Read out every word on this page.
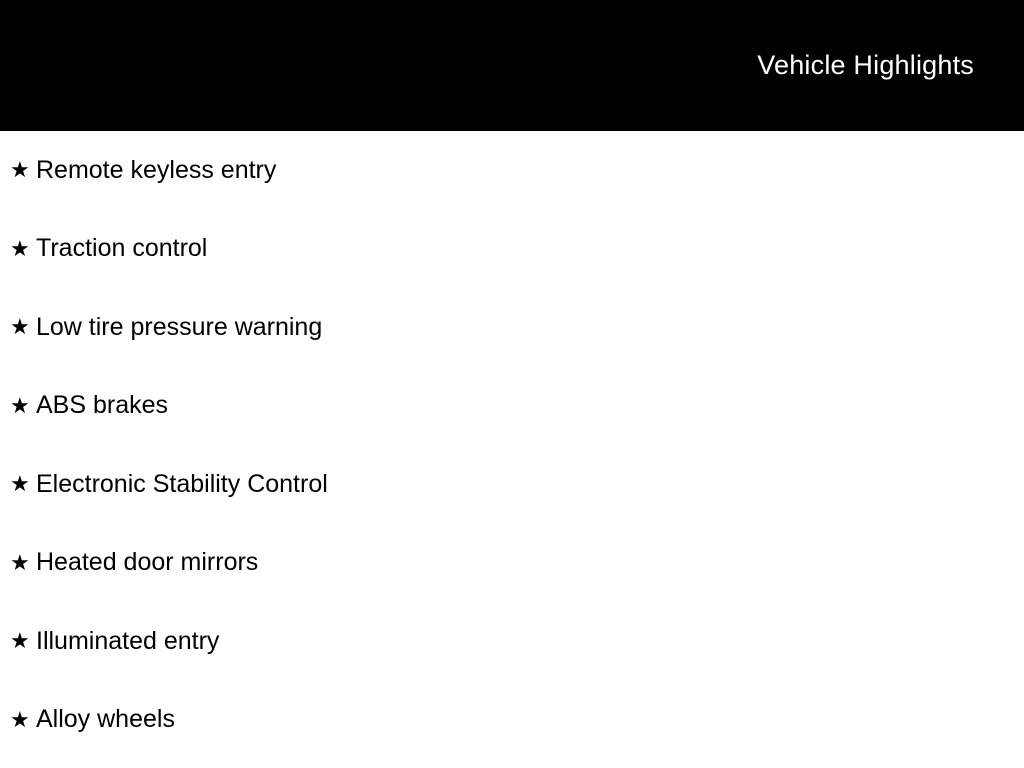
Vehicle Highlights
★ Remote keyless entry
★ Traction control
★ Low tire pressure warning
★ ABS brakes
★ Electronic Stability Control
★ Heated door mirrors
★ Illuminated entry
★ Alloy wheels
